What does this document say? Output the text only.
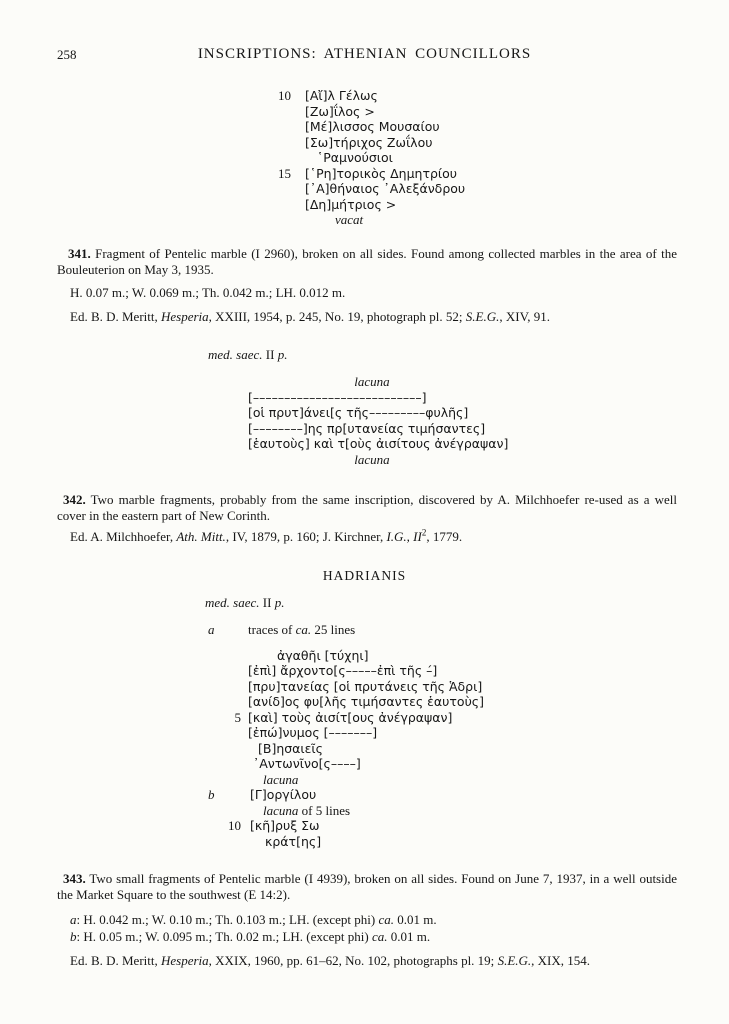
258	INSCRIPTIONS: ATHENIAN COUNCILLORS
10	[Αἴ]λ Γέλως
[Ζω]ΐλος >
[Μέ]λισσος Μουσαίου
[Σω]τήριχος Ζωΐλου
῾Ραμνούσιοι
15	[῾Ρη]τορικὸς Δημητρίου
[᾿Α]θήναιος ᾿Αλεξάνδρου
[Δη]μήτριος >
vacat
341. Fragment of Pentelic marble (I 2960), broken on all sides. Found among collected marbles in the area of the Bouleuterion on May 3, 1935.
H. 0.07 m.; W. 0.069 m.; Th. 0.042 m.; LH. 0.012 m.
Ed. B. D. Meritt, Hesperia, XXIII, 1954, p. 245, No. 19, photograph pl. 52; S.E.G., XIV, 91.
med. saec. II p.
lacuna
[–––––––––––––––––––––––––––]
[οἱ πρυτ]άνει[ς τῆς–––––––––φυλῆς]
[––––––––]ης πρ[υτανείας τιμήσαντες]
[ἑαυτοὺς] καὶ τ[οὺς ἀισίτους ἀνέγραψαν]
lacuna
342. Two marble fragments, probably from the same inscription, discovered by A. Milchhoefer re-used as a well cover in the eastern part of New Corinth.
Ed. A. Milchhoefer, Ath. Mitt., IV, 1879, p. 160; J. Kirchner, I.G., $II^2$, 1779.
HADRIANIS
med. saec. II p.
a	traces of ca. 25 lines
ἀγαθῆι [τύχηι]
[ἐπὶ] ἄρχοντο[ς–––––ἐπὶ τῆς –́]
[πρυ]τανείας [οἱ πρυτάνεις τῆς Ἁδρι]
[ανίδ]ος φυ[λῆς τιμήσαντες ἑαυτοὺς]
5 [καὶ] τοὺς ἀισίτ[ους ἀνέγραψαν]
[ἐπώ]νυμος [–––––––]
[Β]ησαιεῖς
᾿Αντωνῖνο[ς––––]
lacuna
b	[Γ]οργίλου
lacuna of 5 lines
10 [κῆ]ρυξ Σω
κράτ[ης]
343. Two small fragments of Pentelic marble (I 4939), broken on all sides. Found on June 7, 1937, in a well outside the Market Square to the southwest (E 14:2).
a: H. 0.042 m.; W. 0.10 m.; Th. 0.103 m.; LH. (except phi) ca. 0.01 m.
b: H. 0.05 m.; W. 0.095 m.; Th. 0.02 m.; LH. (except phi) ca. 0.01 m.
Ed. B. D. Meritt, Hesperia, XXIX, 1960, pp. 61–62, No. 102, photographs pl. 19; S.E.G., XIX, 154.
